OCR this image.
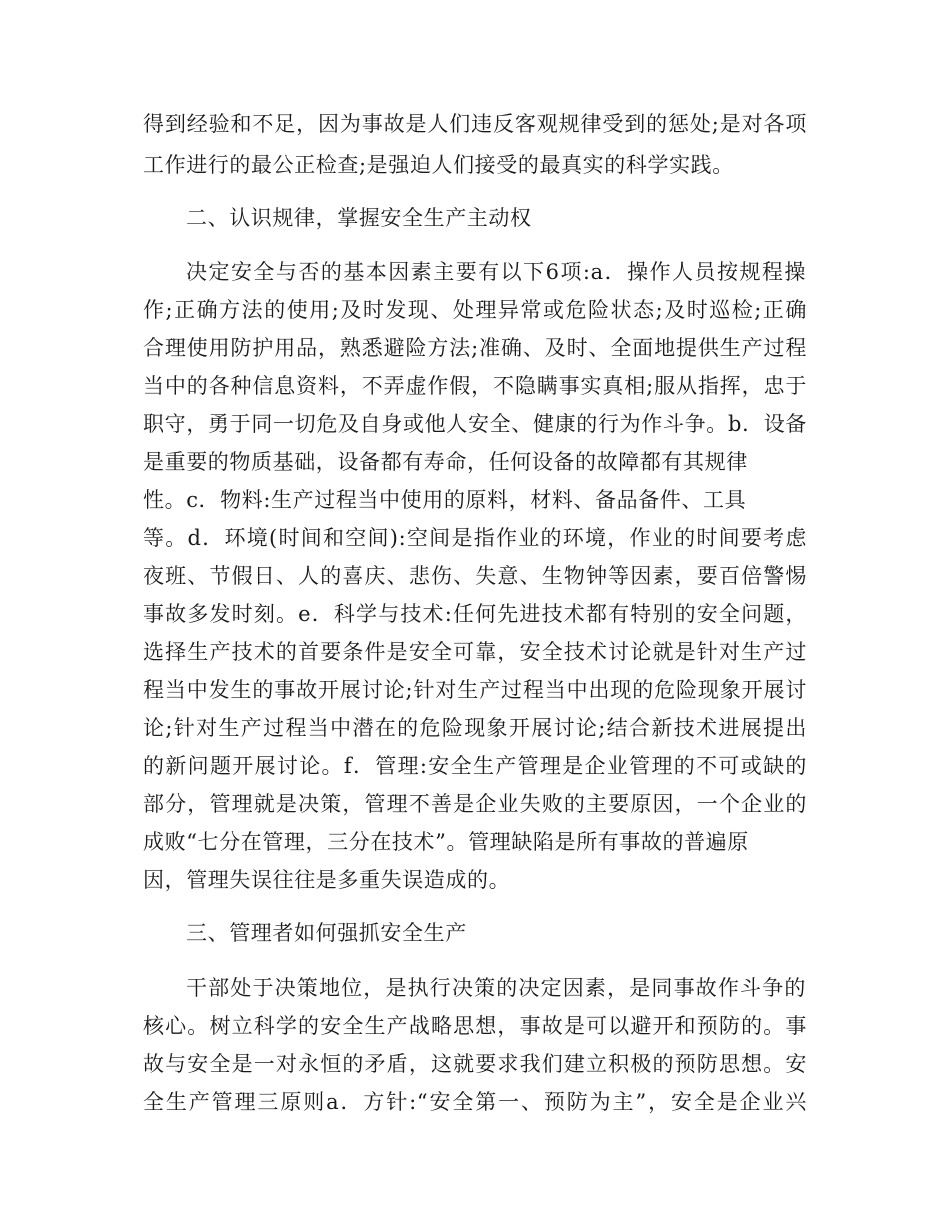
得到经验和不足，因为事故是人们违反客观规律受到的惩处;是对各项
工作进行的最公正检查;是强迫人们接受的最真实的科学实践。
二、认识规律，掌握安全生产主动权
决定安全与否的基本因素主要有以下6项:a．操作人员按规程操
作;正确方法的使用;及时发现、处理异常或危险状态;及时巡检;正确
合理使用防护用品，熟悉避险方法;准确、及时、全面地提供生产过程
当中的各种信息资料，不弄虚作假，不隐瞒事实真相;服从指挥，忠于
职守，勇于同一切危及自身或他人安全、健康的行为作斗争。b．设备
是重要的物质基础，设备都有寿命，任何设备的故障都有其规律
性。c．物料:生产过程当中使用的原料，材料、备品备件、工具
等。d．环境(时间和空间):空间是指作业的环境，作业的时间要考虑
夜班、节假日、人的喜庆、悲伤、失意、生物钟等因素，要百倍警惕
事故多发时刻。e．科学与技术:任何先进技术都有特别的安全问题，
选择生产技术的首要条件是安全可靠，安全技术讨论就是针对生产过
程当中发生的事故开展讨论;针对生产过程当中出现的危险现象开展讨
论;针对生产过程当中潜在的危险现象开展讨论;结合新技术进展提出
的新问题开展讨论。f．管理:安全生产管理是企业管理的不可或缺的
部分，管理就是决策，管理不善是企业失败的主要原因，一个企业的
成败“七分在管理，三分在技术”。管理缺陷是所有事故的普遍原
因，管理失误往往是多重失误造成的。
三、管理者如何强抓安全生产
干部处于决策地位，是执行决策的决定因素，是同事故作斗争的
核心。树立科学的安全生产战略思想，事故是可以避开和预防的。事
故与安全是一对永恒的矛盾，这就要求我们建立积极的预防思想。安
全生产管理三原则a．方针:“安全第一、预防为主”，安全是企业兴
